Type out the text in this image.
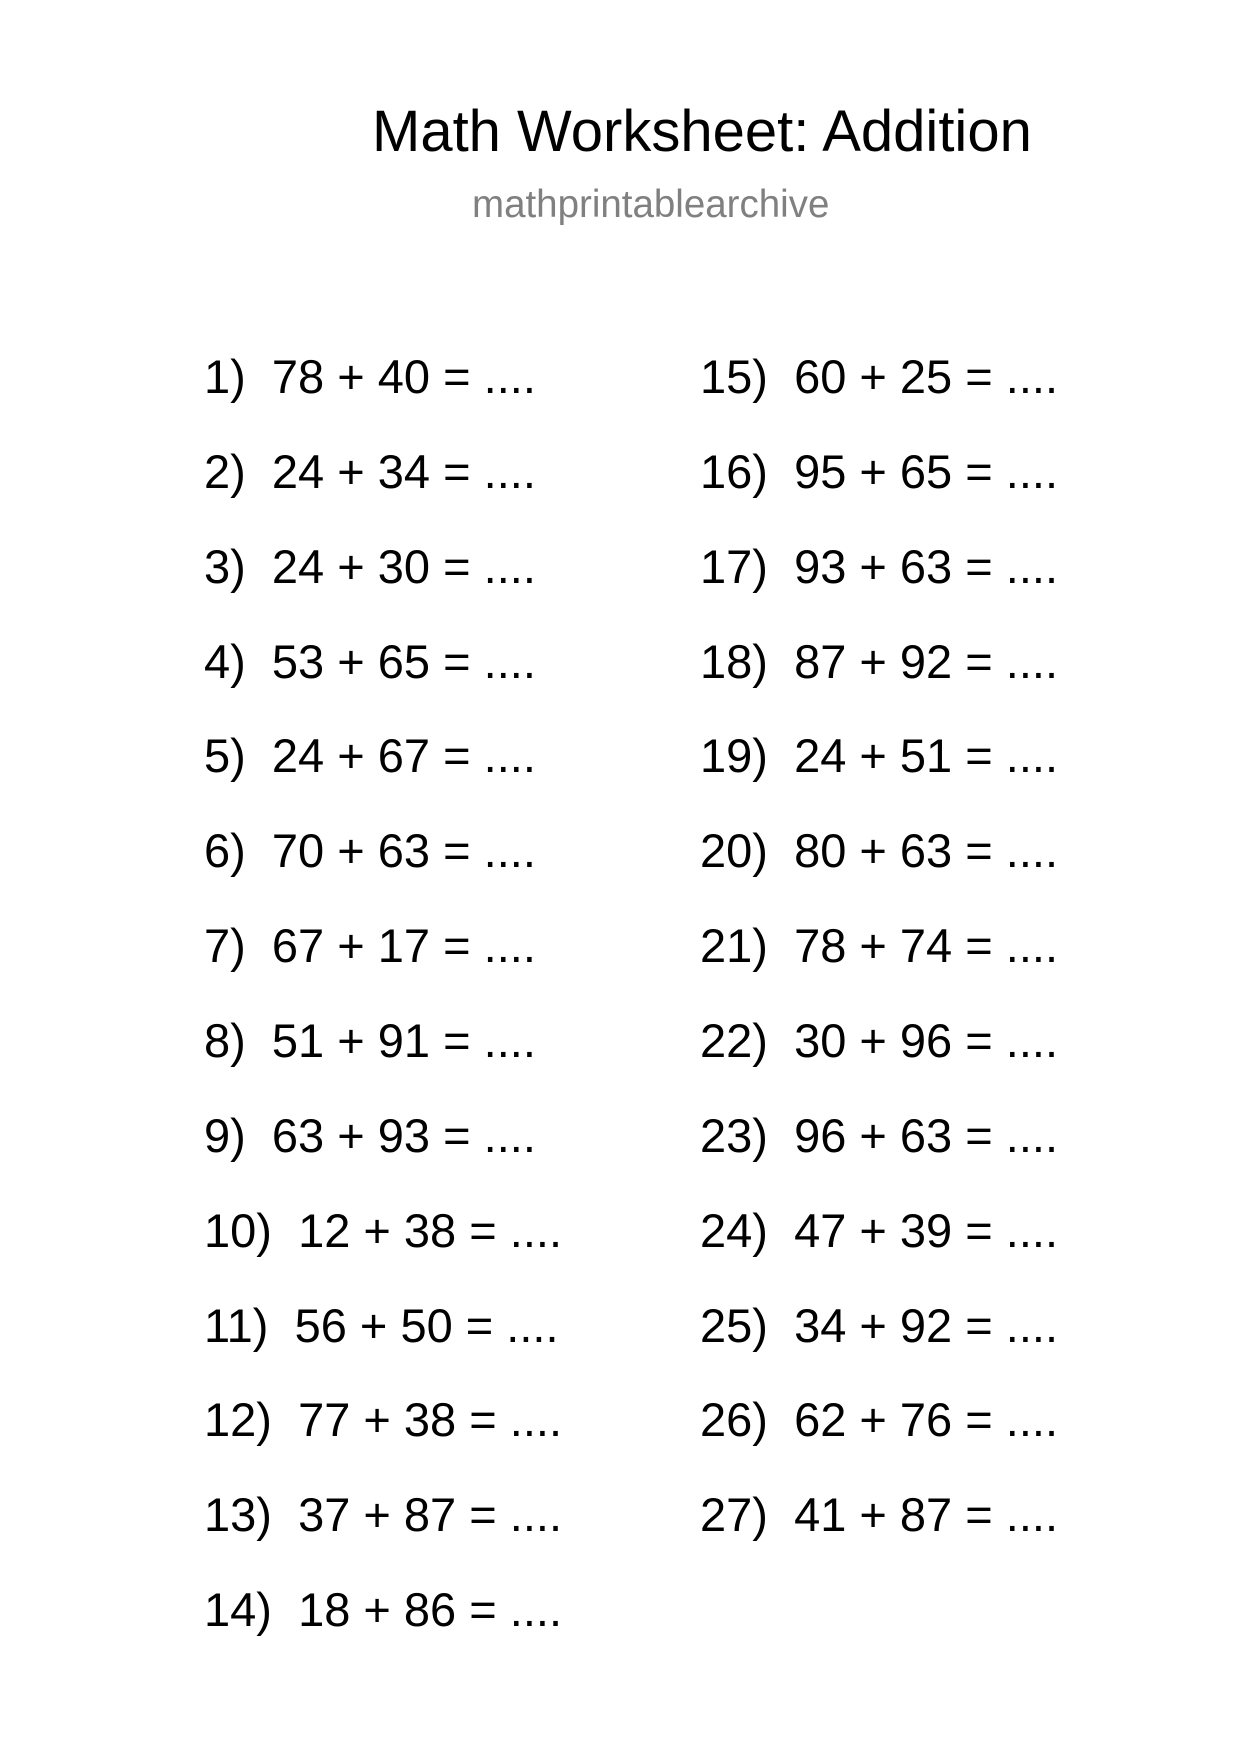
Math Worksheet: Addition
mathprintablearchive
1) 78 + 40 = ....
2) 24 + 34 = ....
3) 24 + 30 = ....
4) 53 + 65 = ....
5) 24 + 67 = ....
6) 70 + 63 = ....
7) 67 + 17 = ....
8) 51 + 91 = ....
9) 63 + 93 = ....
10) 12 + 38 = ....
11) 56 + 50 = ....
12) 77 + 38 = ....
13) 37 + 87 = ....
14) 18 + 86 = ....
15) 60 + 25 = ....
16) 95 + 65 = ....
17) 93 + 63 = ....
18) 87 + 92 = ....
19) 24 + 51 = ....
20) 80 + 63 = ....
21) 78 + 74 = ....
22) 30 + 96 = ....
23) 96 + 63 = ....
24) 47 + 39 = ....
25) 34 + 92 = ....
26) 62 + 76 = ....
27) 41 + 87 = ....
